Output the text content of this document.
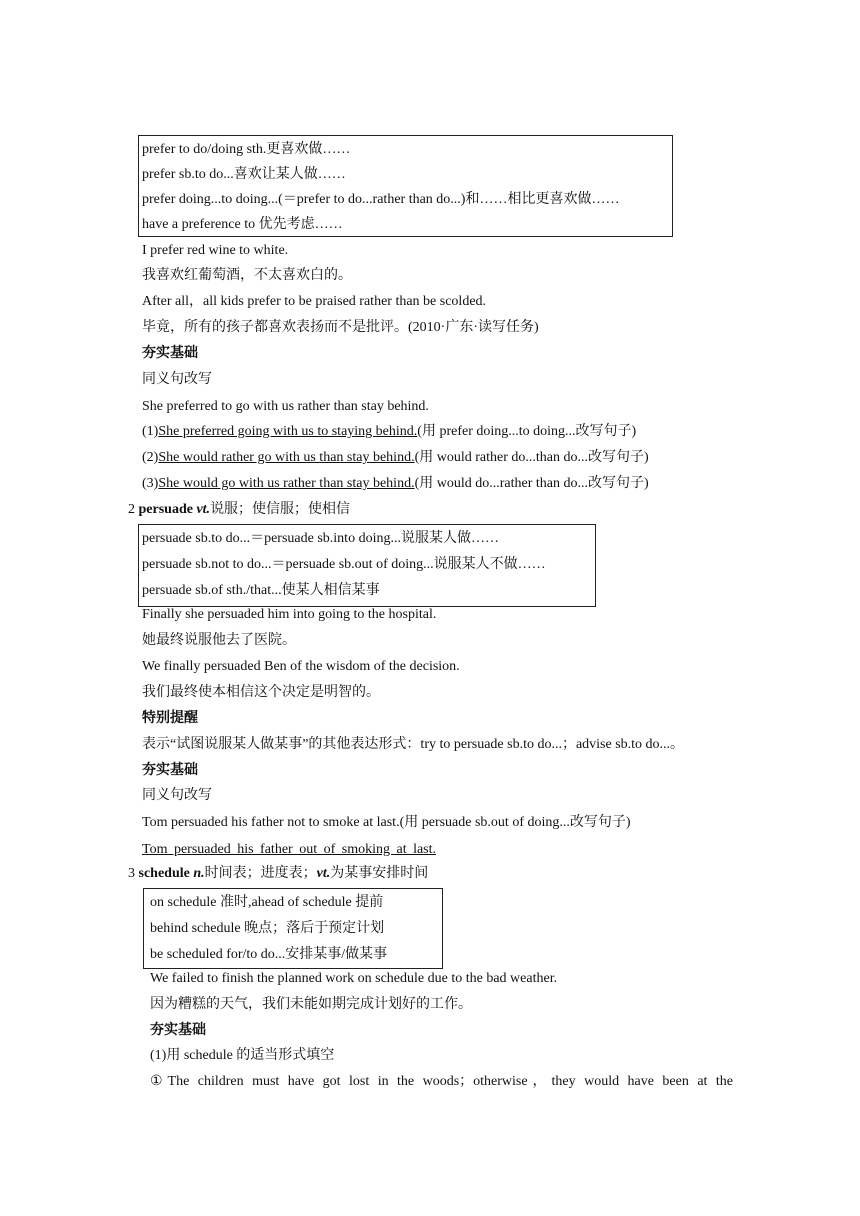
prefer to do/doing sth.更喜欢做……
prefer sb.to do...喜欢让某人做……
prefer doing...to doing...(＝prefer to do...rather than do...)和……相比更喜欢做……
have a preference to 优先考虑……
I prefer red wine to white.
我喜欢红葡萄酒，不太喜欢白的。
After all，all kids prefer to be praised rather than be scolded.
毕竟，所有的孩子都喜欢表扬而不是批评。(2010·广东·读写任务)
夯实基础
同义句改写
She preferred to go with us rather than stay behind.
(1)She preferred going with us to staying behind.(用 prefer doing...to doing...改写句子)
(2)She would rather go with us than stay behind.(用 would rather do...than do...改写句子)
(3)She would go with us rather than stay behind.(用 would do...rather than do...改写句子)
2 persuade vt.说服；使信服；使相信
persuade sb.to do...＝persuade sb.into doing...说服某人做……
persuade sb.not to do...＝persuade sb.out of doing...说服某人不做……
persuade sb.of sth./that...使某人相信某事
Finally she persuaded him into going to the hospital.
她最终说服他去了医院。
We finally persuaded Ben of the wisdom of the decision.
我们最终使本相信这个决定是明智的。
特别提醒
表示“试图说服某人做某事”的其他表达形式：try to persuade sb.to do...；advise sb.to do...。
夯实基础
同义句改写
Tom persuaded his father not to smoke at last.(用 persuade sb.out of doing...改写句子)
Tom persuaded his father out of smoking at last.
3 schedule n.时间表；进度表；vt.为某事安排时间
on schedule 准时,ahead of schedule 提前
behind schedule 晚点；落后于预定计划
be scheduled for/to do...安排某事/做某事
We failed to finish the planned work on schedule due to the bad weather.
因为糟糕的天气，我们未能如期完成计划好的工作。
夯实基础
(1)用 schedule 的适当形式填空
①The children must have got lost in the woods；otherwise，they would have been at the
